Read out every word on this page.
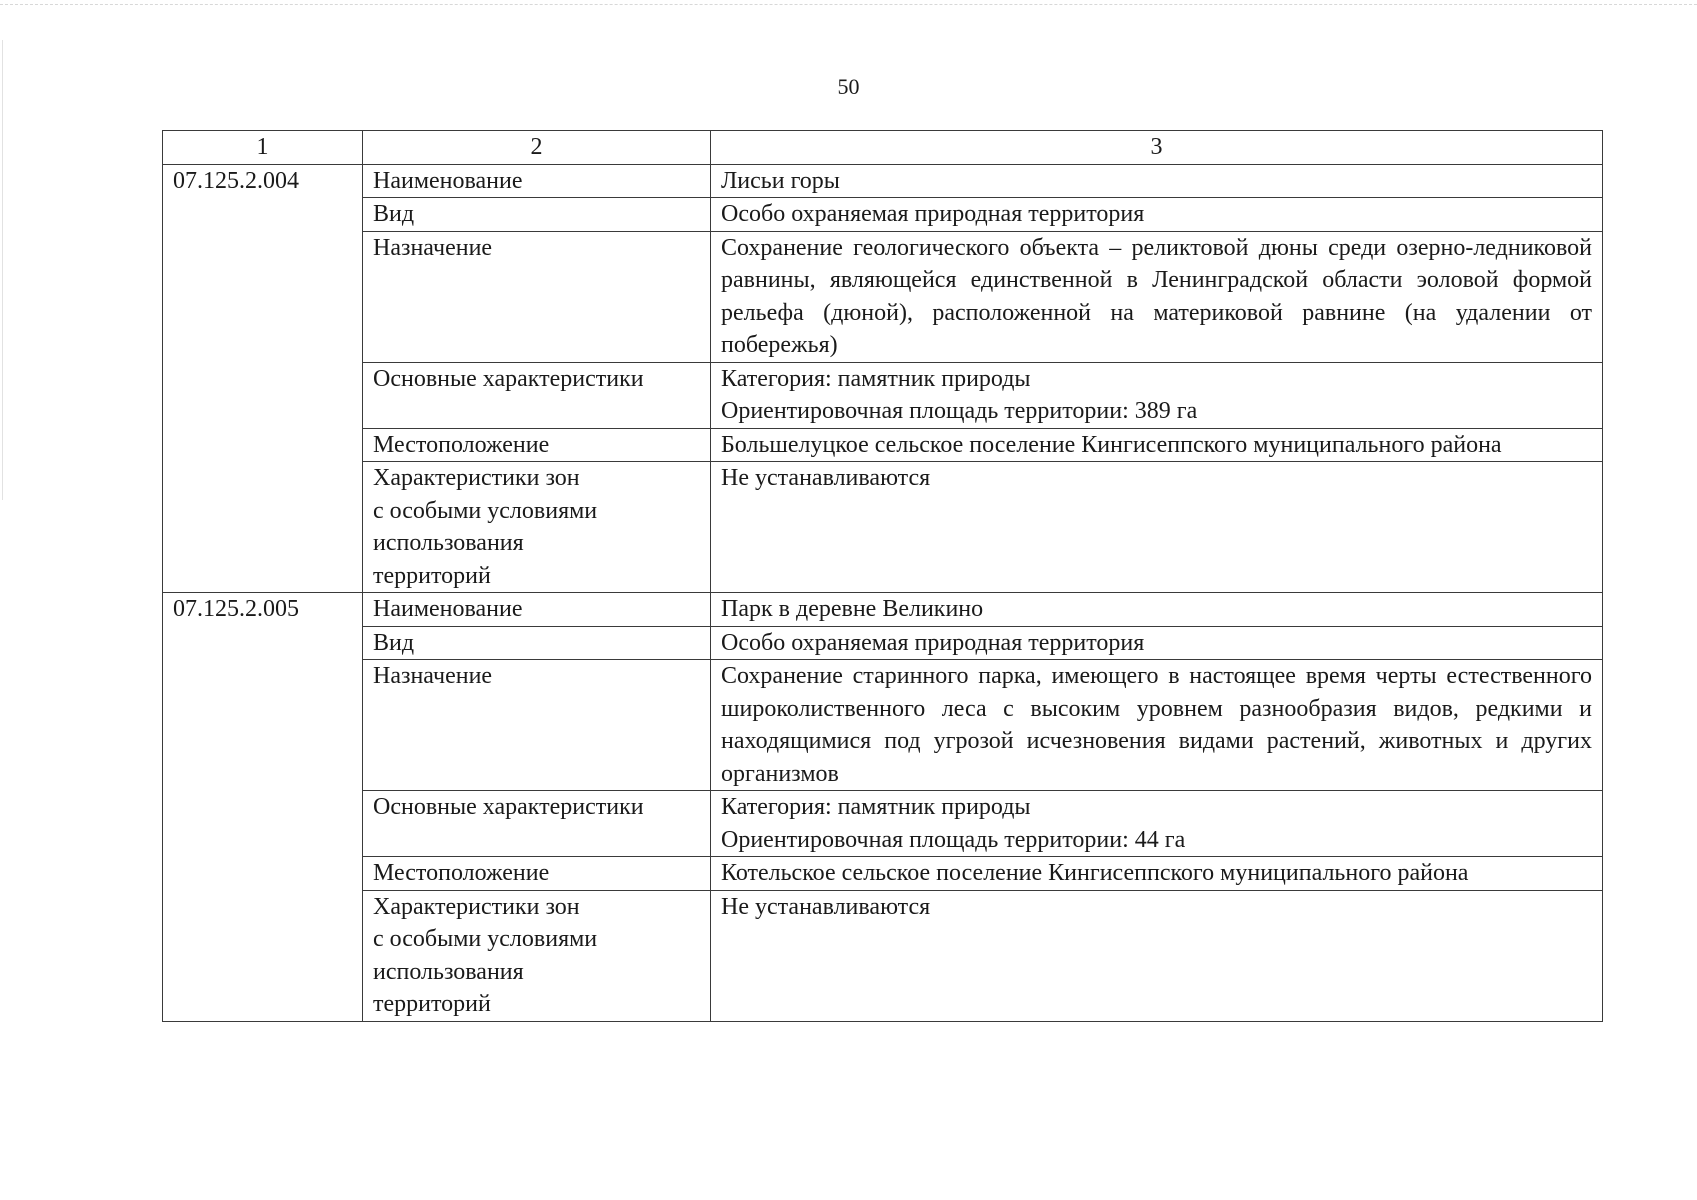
50
1	2	3
07.125.2.004	Наименование	Лисьи горы
	Вид	Особо охраняемая природная территория
	Назначение	Сохранение геологического объекта – реликтовой дюны среди озерно-ледниковой равнины, являющейся единственной в Ленинградской области эоловой формой рельефа (дюной), расположенной на материковой равнине (на удалении от побережья)
	Основные характеристики	Категория: памятник природы
Ориентировочная площадь территории: 389 га

	Местоположение	Большелуцкое сельское поселение Кингисеппского муниципального района

	Характеристики зон
с особыми условиями
использования
территорий	Не устанавливаются
07.125.2.005	Наименование	Парк в деревне Великино
	Вид	Особо охраняемая природная территория
	Назначение	Сохранение старинного парка, имеющего в настоящее время черты естественного широколиственного леса с высоким уровнем разнообразия видов, редкими и находящимися под угрозой исчезновения видами растений, животных и других организмов
	Основные характеристики	Категория: памятник природы
Ориентировочная площадь территории: 44 га

	Местоположение	Котельское сельское поселение Кингисеппского муниципального района

	Характеристики зон
с особыми условиями
использования
территорий	Не устанавливаются
